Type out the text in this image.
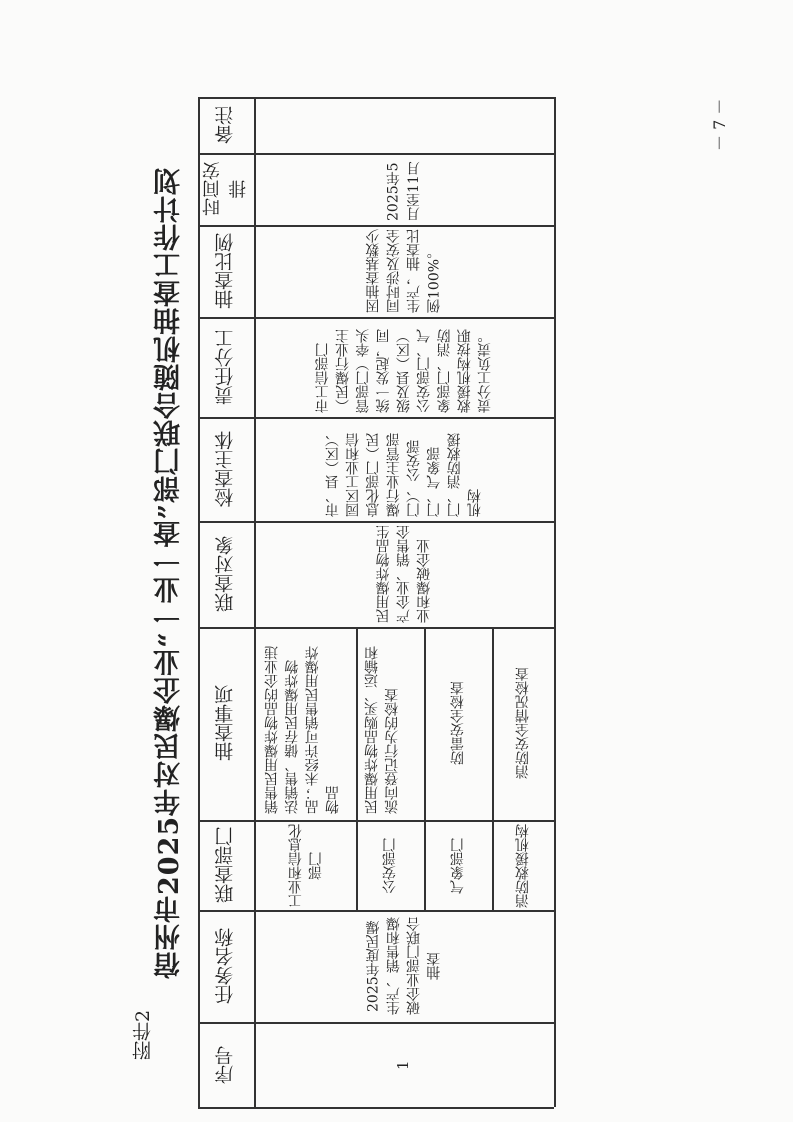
附件2
宿州市2025年对民爆企业“一业一查”部门联合随机抽查工作计划
－ 7 －
序号
任务名称
联查部门
抽查事项
联查对象
检查主体
责任分工
抽查比例
时间安排
备注
1
2025年度民爆生产、销售和爆破企业部门联合抽查
工业和信息化部门
销售民用爆炸物品的企业违法销售、储存民用爆炸物品；未经许可销售民用爆炸物品
公安部门
民用爆炸物品购买、运输和流向登记行为的检查
气象部门
防雷安全检查
消防救援机构
消防安全情况检查
民用爆炸物品生产企业、销售企业和爆破企业
市、县（区）、园区工业和信息化部门（民爆行业主管部门）、公安部门、气象部门、消防救援机构
市工信部门（民爆行业主管部门）牵头统一发起，同级及县（区）公安部门、气象部门、消防救援机构按职责分工负责。
因抽查基数少同时涉及安全生产，抽查比例100%。
2025年5月至11月
